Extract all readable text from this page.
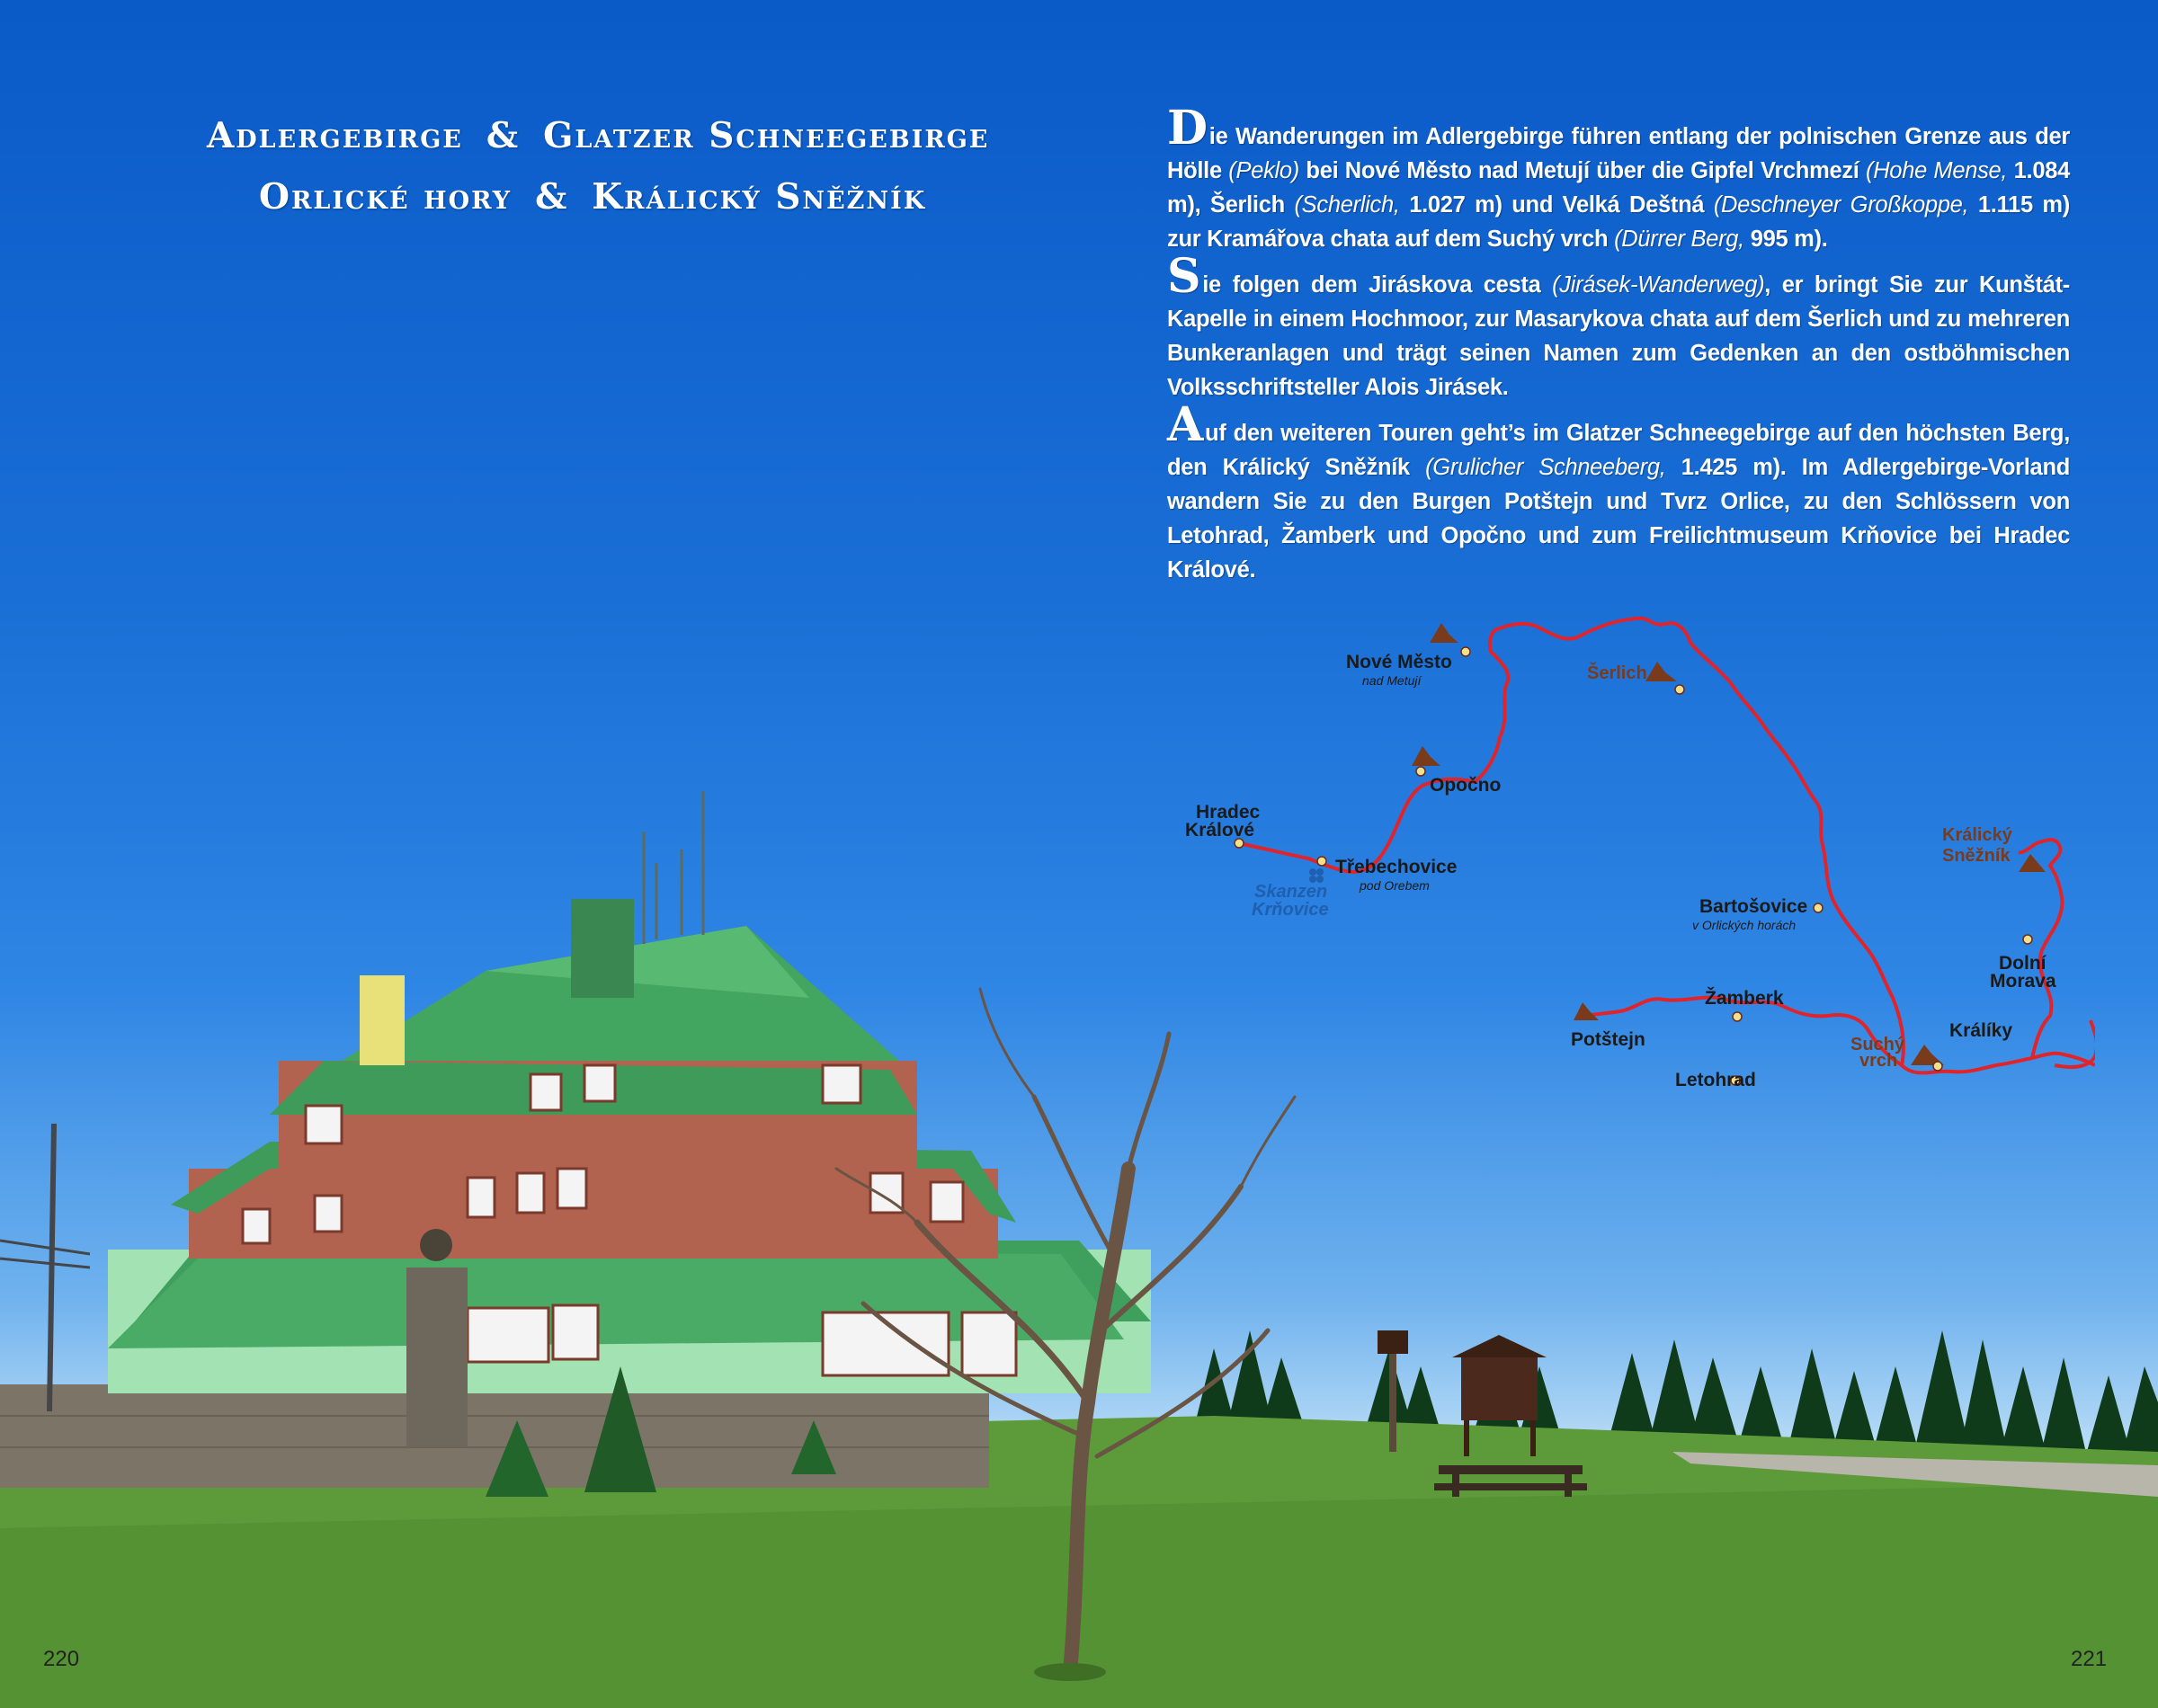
Adlergebirge & Glatzer Schneegebirge
Orlické hory & Králický Sněžník

Die Wanderungen im Adlergebirge führen entlang der polnischen Grenze aus der Hölle (Peklo) bei Nové Město nad Metují über die Gipfel Vrchmezí (Hohe Mense, 1.084 m), Šerlich (Scherlich, 1.027 m) und Velká Deštná (Deschneyer Großkoppe, 1.115 m) zur Kramářova chata auf dem Suchý vrch (Dürrer Berg, 995 m).

Sie folgen dem Jiráskova cesta (Jirásek-Wanderweg), er bringt Sie zur Kunštát-Kapelle in einem Hochmoor, zur Masarykova chata auf dem Šerlich und zu mehreren Bunkeranlagen und trägt seinen Namen zum Gedenken an den ostböhmischen Volksschriftsteller Alois Jirásek.

Auf den weiteren Touren geht’s im Glatzer Schneegebirge auf den höchsten Berg, den Králický Sněžník (Grulicher Schneeberg, 1.425 m). Im Adlergebirge-Vorland wandern Sie zu den Burgen Potštejn und Tvrz Orlice, zu den Schlössern von Letohrad, Žamberk und Opočno und zum Freilichtmuseum Krňovice bei Hradec Králové.

Nové Město
Opočno
Hradec
Králové
Třebechovice
Bartošovice
Dolní
Morava
Králíky
Žamberk
Potštejn
Letohrad
nad Metují
pod Orebem
v Orlických horách
Šerlich
Králický
Sněžník
Suchý
vrch
Skanzen
Krňovice
220	221
